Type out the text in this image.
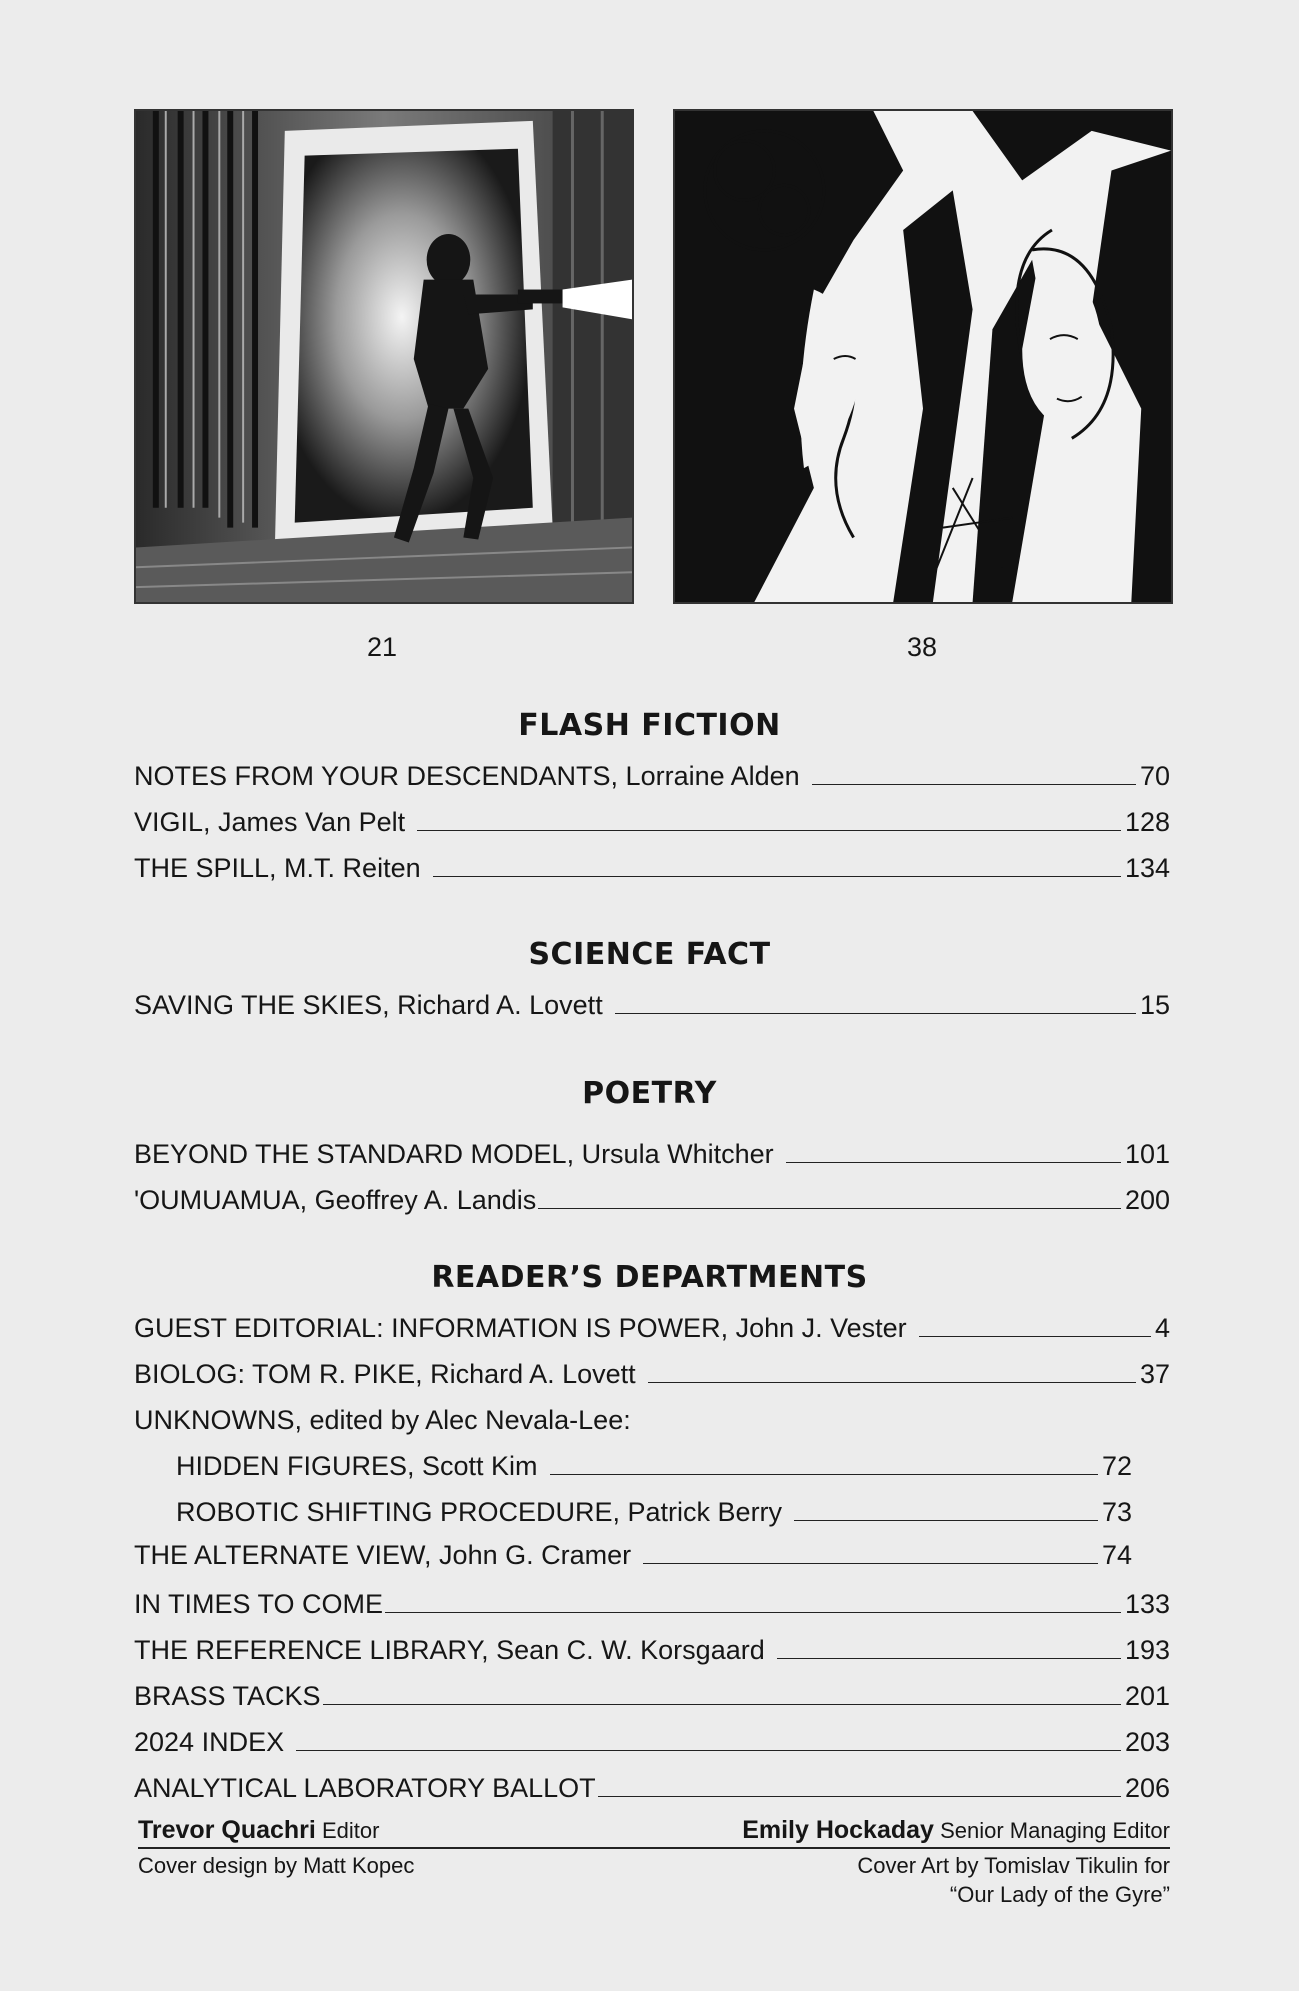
21	38
FLASH FICTION
NOTES FROM YOUR DESCENDANTS, Lorraine Alden	70
VIGIL, James Van Pelt	128
THE SPILL, M.T. Reiten	134
SCIENCE FACT
SAVING THE SKIES, Richard A. Lovett	15
POETRY
BEYOND THE STANDARD MODEL, Ursula Whitcher	101
'OUMUAMUA, Geoffrey A. Landis	200
READER’S DEPARTMENTS
GUEST EDITORIAL: INFORMATION IS POWER, John J. Vester	4
BIOLOG: TOM R. PIKE, Richard A. Lovett	37
UNKNOWNS, edited by Alec Nevala-Lee:
HIDDEN FIGURES, Scott Kim	72
ROBOTIC SHIFTING PROCEDURE, Patrick Berry	73
THE ALTERNATE VIEW, John G. Cramer	74
IN TIMES TO COME	133
THE REFERENCE LIBRARY, Sean C. W. Korsgaard	193
BRASS TACKS	201
2024 INDEX	203
ANALYTICAL LABORATORY BALLOT	206
Trevor Quachri Editor	Emily Hockaday Senior Managing Editor
Cover design by Matt Kopec	Cover Art by Tomislav Tikulin for
“Our Lady of the Gyre”
